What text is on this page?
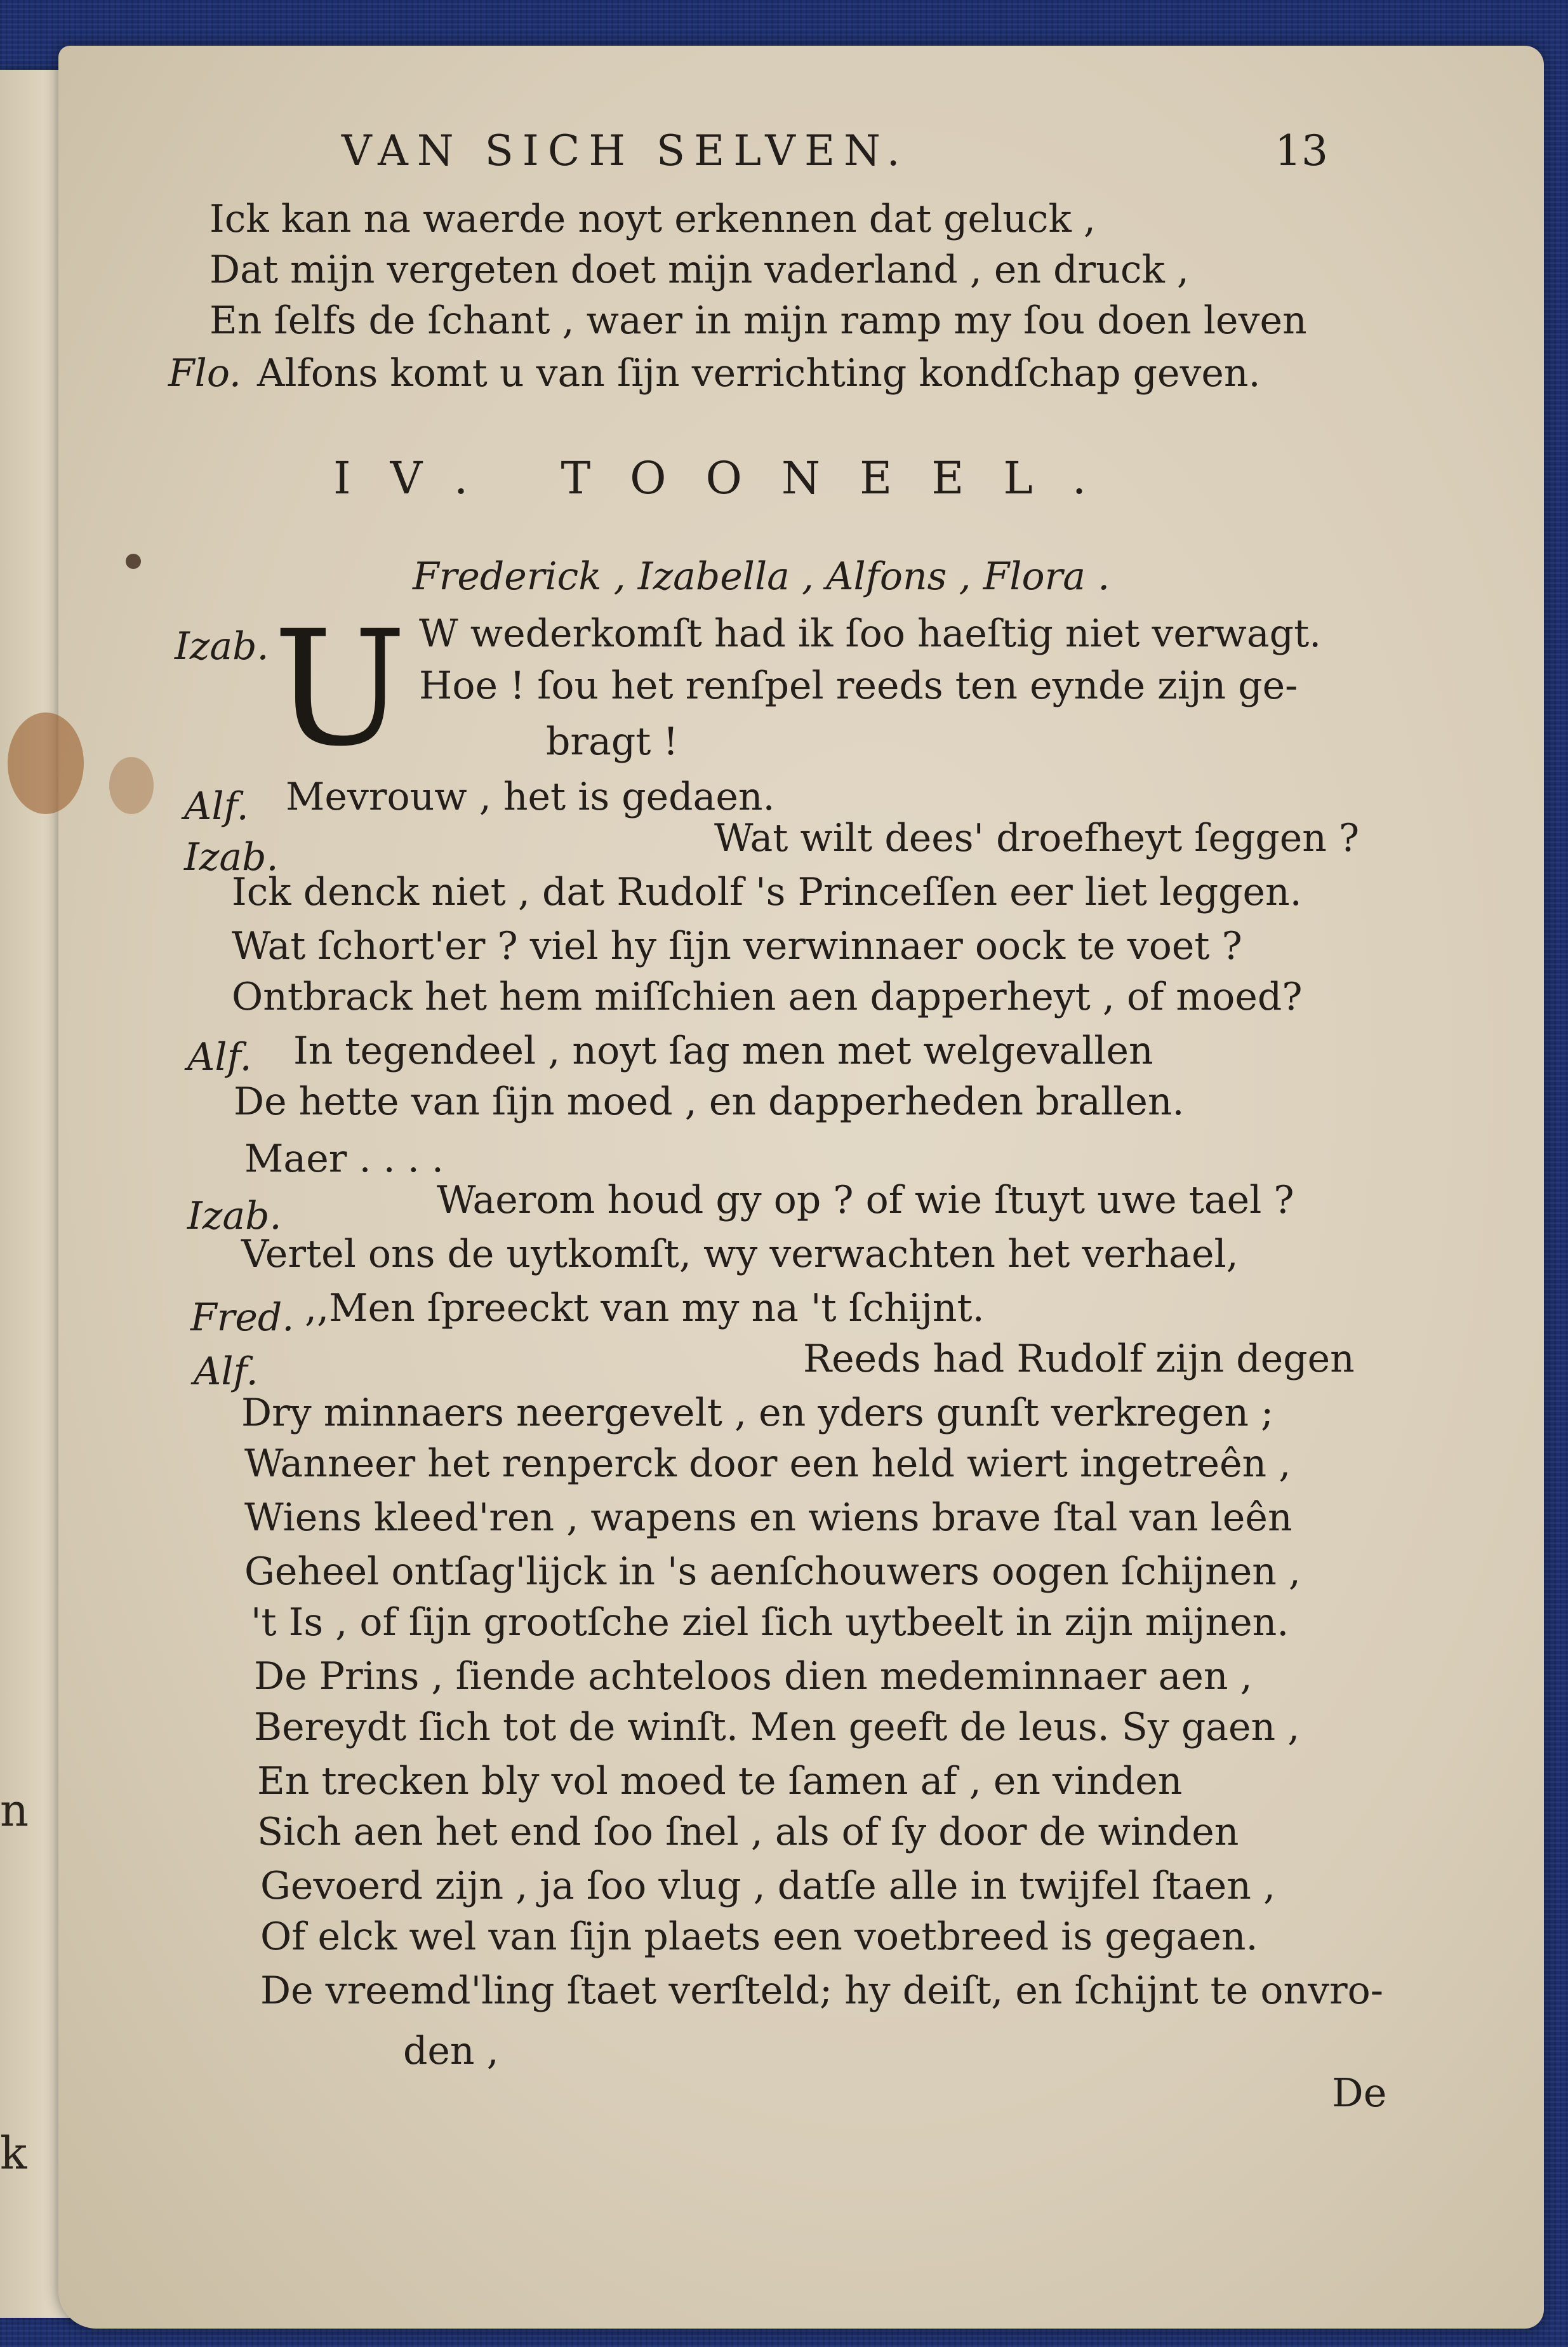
n
k
VAN SICH SELVEN.	13
Ick kan na waerde noyt erkennen dat geluck ,
Dat mijn vergeten doet mijn vaderland , en druck ,
En ſelfs de ſchant , waer in mijn ramp my ſou doen leven
Flo. Alfons komt u van ſijn verrichting kondſchap geven.
IV. TOONEEL.
Frederick , Izabella , Alfons , Flora .
U
Izab.	W wederkomſt had ik ſoo haeſtig niet verwagt.
Hoe ! ſou het renſpel reeds ten eynde zijn ge-
bragt !
Alf. Mevrouw , het is gedaen.
Izab.	Wat wilt dees' droefheyt ſeggen ?
Ick denck niet , dat Rudolf 's Princeſſen eer liet leggen.
Wat ſchort'er ? viel hy ſijn verwinnaer oock te voet ?
Ontbrack het hem miſſchien aen dapperheyt , of moed?
Alf. In tegendeel , noyt ſag men met welgevallen
De hette van ſijn moed , en dapperheden brallen.
Maer . . . .
Izab.	Waerom houd gy op ? of wie ſtuyt uwe tael ?
Vertel ons de uytkomſt, wy verwachten het verhael,
Fred. ,,Men ſpreeckt van my na 't ſchijnt.
Alf.	Reeds had Rudolf zijn degen
Dry minnaers neergevelt , en yders gunſt verkregen ;
Wanneer het renperck door een held wiert ingetreên ,
Wiens kleed'ren , wapens en wiens brave ſtal van leên
Geheel ontſag'lijck in 's aenſchouwers oogen ſchijnen ,
't Is , of ſijn grootſche ziel ſich uytbeelt in zijn mijnen.
De Prins , ſiende achteloos dien medeminnaer aen ,
Bereydt ſich tot de winſt. Men geeft de leus. Sy gaen ,
En trecken bly vol moed te ſamen af , en vinden
Sich aen het end ſoo ſnel , als of ſy door de winden
Gevoerd zijn , ja ſoo vlug , datſe alle in twijfel ſtaen ,
Of elck wel van ſijn plaets een voetbreed is gegaen.
De vreemd'ling ſtaet verſteld; hy deiſt, en ſchijnt te onvro-
den ,
De
